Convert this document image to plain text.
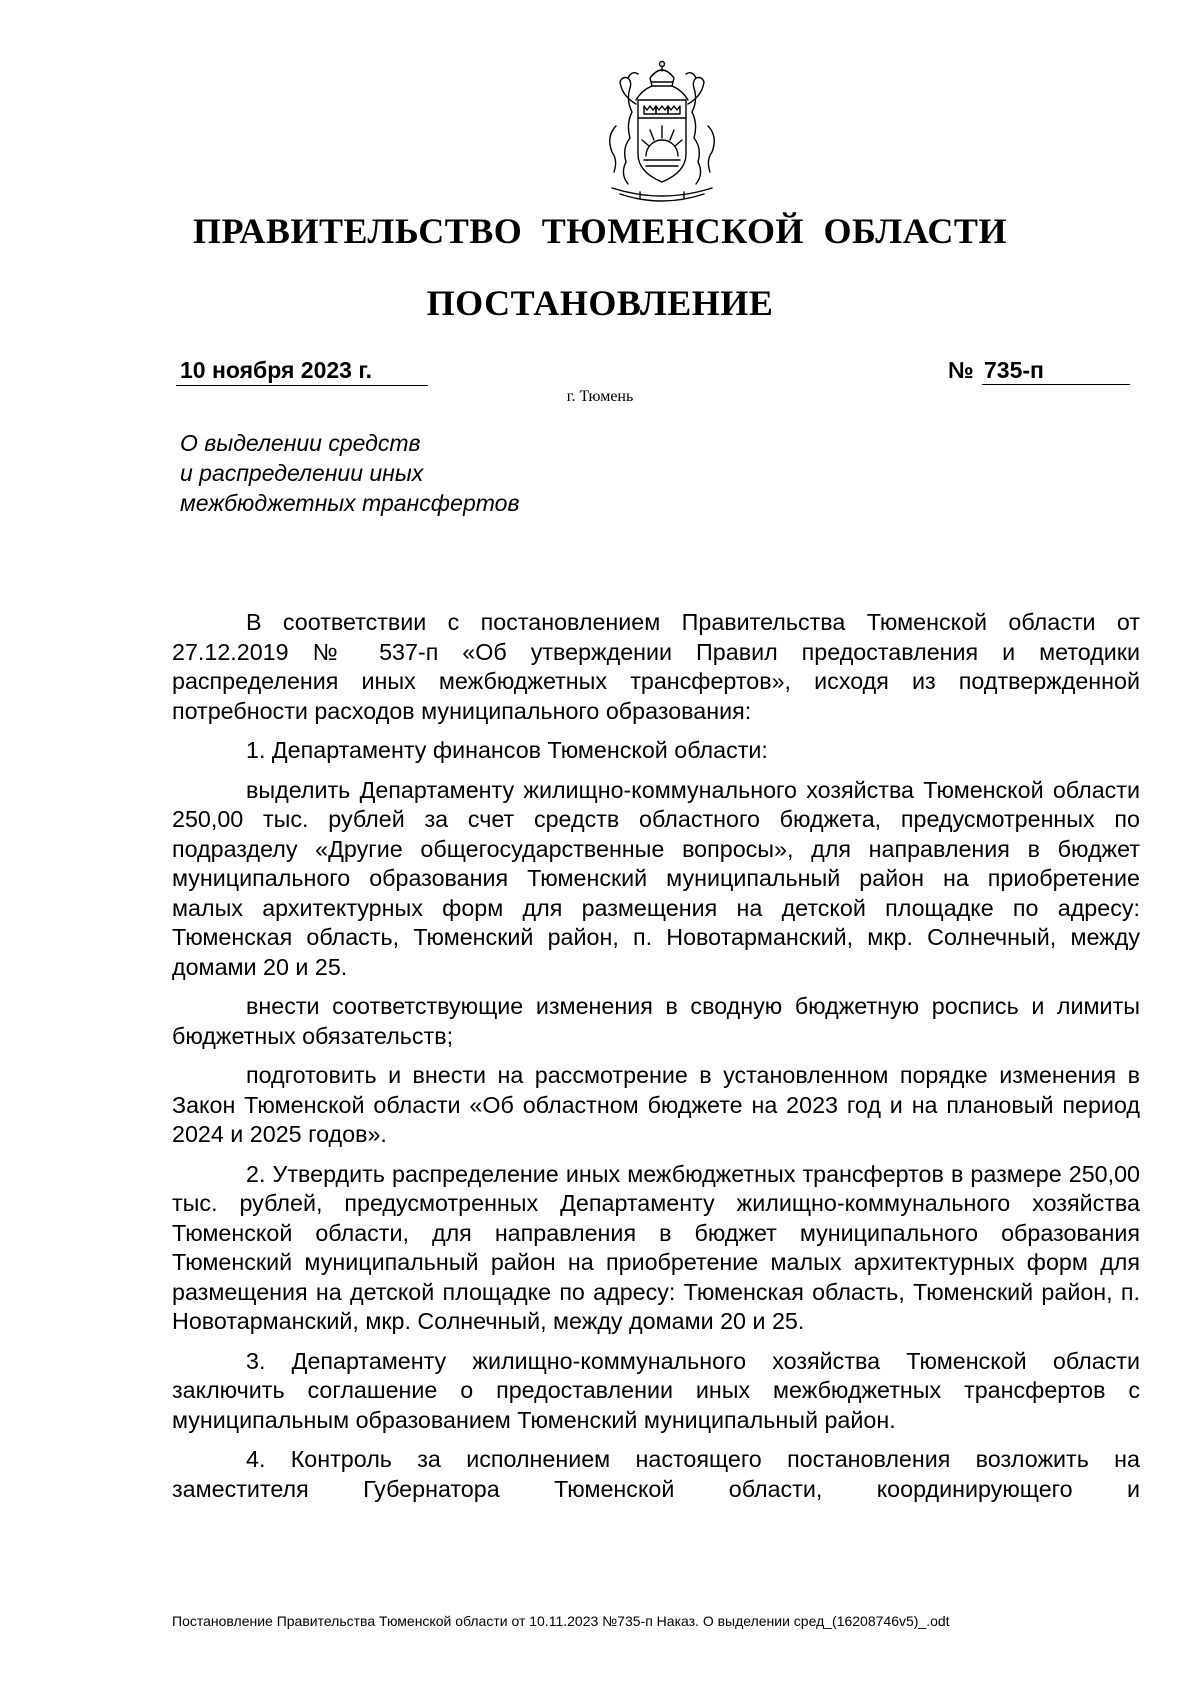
ПРАВИТЕЛЬСТВО ТЮМЕНСКОЙ ОБЛАСТИ
ПОСТАНОВЛЕНИЕ
10 ноября 2023 г.	№ 735-п
г. Тюмень
О выделении средств
и распределении иных
межбюджетных трансфертов

В соответствии с постановлением Правительства Тюменской области от 27.12.2019 № 537-п «Об утверждении Правил предоставления и методики распределения иных межбюджетных трансфертов», исходя из подтвержденной потребности расходов муниципального образования:

1. Департаменту финансов Тюменской области:

выделить Департаменту жилищно-коммунального хозяйства Тюменской области 250,00 тыс. рублей за счет средств областного бюджета, предусмотренных по подразделу «Другие общегосударственные вопросы», для направления в бюджет муниципального образования Тюменский муниципальный район на приобретение малых архитектурных форм для размещения на детской площадке по адресу: Тюменская область, Тюменский район, п. Новотарманский, мкр. Солнечный, между домами 20 и 25.

внести соответствующие изменения в сводную бюджетную роспись и лимиты бюджетных обязательств;

подготовить и внести на рассмотрение в установленном порядке изменения в Закон Тюменской области «Об областном бюджете на 2023 год и на плановый период 2024 и 2025 годов».

2. Утвердить распределение иных межбюджетных трансфертов в размере 250,00 тыс. рублей, предусмотренных Департаменту жилищно-коммунального хозяйства Тюменской области, для направления в бюджет муниципального образования Тюменский муниципальный район на приобретение малых архитектурных форм для размещения на детской площадке по адресу: Тюменская область, Тюменский район, п. Новотарманский, мкр. Солнечный, между домами 20 и 25.

3. Департаменту жилищно-коммунального хозяйства Тюменской области заключить соглашение о предоставлении иных межбюджетных трансфертов с муниципальным образованием Тюменский муниципальный район.

4. Контроль за исполнением настоящего постановления возложить на заместителя Губернатора Тюменской области, координирующего и

Постановление Правительства Тюменской области от 10.11.2023 №735-п Наказ. О выделении сред_(16208746v5)_.odt
